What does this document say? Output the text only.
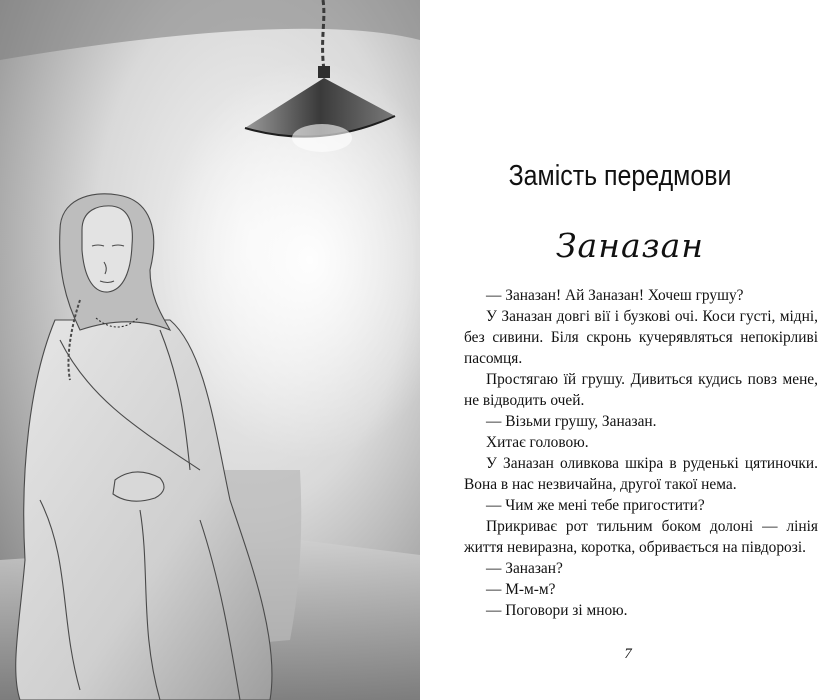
Замість передмови
Заназан

— Заназан! Ай Заназан! Хочеш грушу?

У Заназан довгі вії і бузкові очі. Коси густі, мідні, без сивини. Біля скронь кучерявляться непокірливі пасомця.

Простягаю їй грушу. Дивиться кудись повз мене, не відводить очей.

— Візьми грушу, Заназан.

Хитає головою.

У Заназан оливкова шкіра в руденькі цятиночки. Вона в нас незвичайна, другої такої нема.

— Чим же мені тебе пригостити?

Прикриває рот тильним боком долоні — лінія життя невиразна, коротка, обривається на півдорозі.

— Заназан?

— М-м-м?

— Поговори зі мною.

7
